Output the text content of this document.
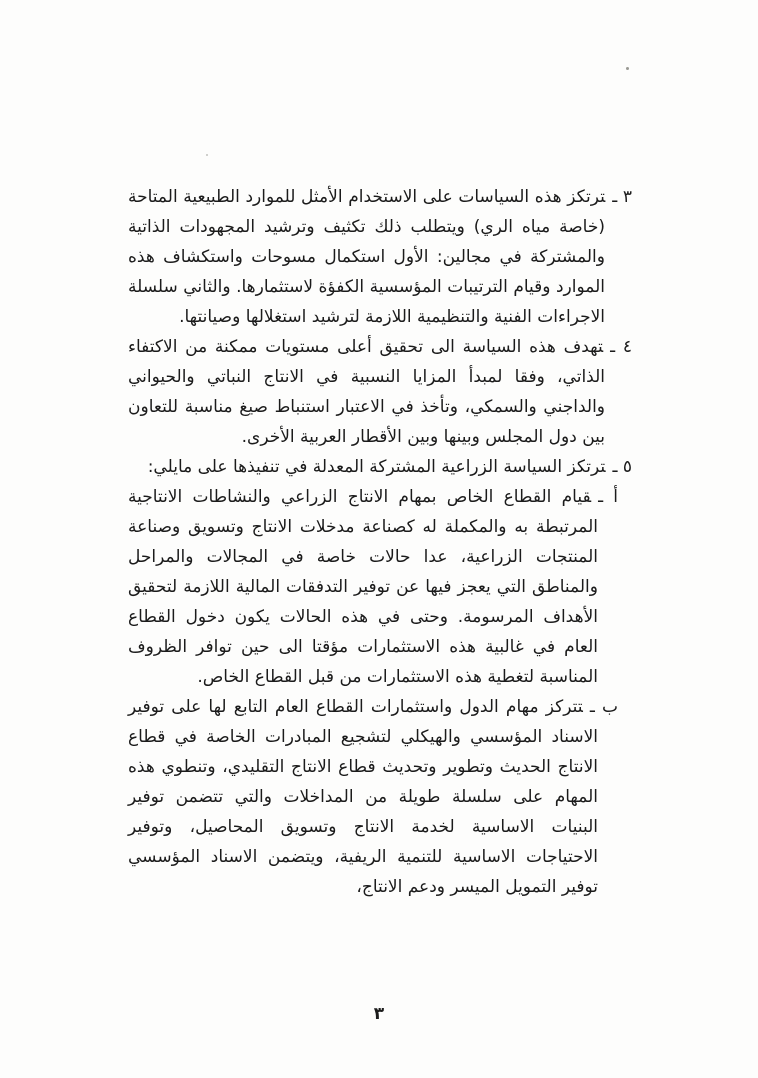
٣ ـترتكز هذه السياسات على الاستخدام الأمثل للموارد الطبيعية المتاحة (خاصة مياه الري) ويتطلب ذلك تكثيف وترشيد المجهودات الذاتية والمشتركة في مجالين: الأول استكمال مسوحات واستكشاف هذه الموارد وقيام الترتيبات المؤسسية الكفؤة لاستثمارها. والثاني سلسلة الاجراءات الفنية والتنظيمية اللازمة لترشيد استغلالها وصيانتها.

٤ ـتهدف هذه السياسة الى تحقيق أعلى مستويات ممكنة من الاكتفاء الذاتي، وفقا لمبدأ المزايا النسبية في الانتاج النباتي والحيواني والداجني والسمكي، وتأخذ في الاعتبار استنباط صيغ مناسبة للتعاون بين دول المجلس وبينها وبين الأقطار العربية الأخرى.

٥ ـترتكز السياسة الزراعية المشتركة المعدلة في تنفيذها على مايلي:

أ ـقيام القطاع الخاص بمهام الانتاج الزراعي والنشاطات الانتاجية المرتبطة به والمكملة له كصناعة مدخلات الانتاج وتسويق وصناعة المنتجات الزراعية، عدا حالات خاصة في المجالات والمراحل والمناطق التي يعجز فيها عن توفير التدفقات المالية اللازمة لتحقيق الأهداف المرسومة. وحتى في هذه الحالات يكون دخول القطاع العام في غالبية هذه الاستثمارات مؤقتا الى حين توافر الظروف المناسبة لتغطية هذه الاستثمارات من قبل القطاع الخاص.

ب ـتتركز مهام الدول واستثمارات القطاع العام التابع لها على توفير الاسناد المؤسسي والهيكلي لتشجيع المبادرات الخاصة في قطاع الانتاج الحديث وتطوير وتحديث قطاع الانتاج التقليدي، وتنطوي هذه المهام على سلسلة طويلة من المداخلات والتي تتضمن توفير البنيات الاساسية لخدمة الانتاج وتسويق المحاصيل، وتوفير الاحتياجات الاساسية للتنمية الريفية، ويتضمن الاسناد المؤسسي توفير التمويل الميسر ودعم الانتاج،

٣
